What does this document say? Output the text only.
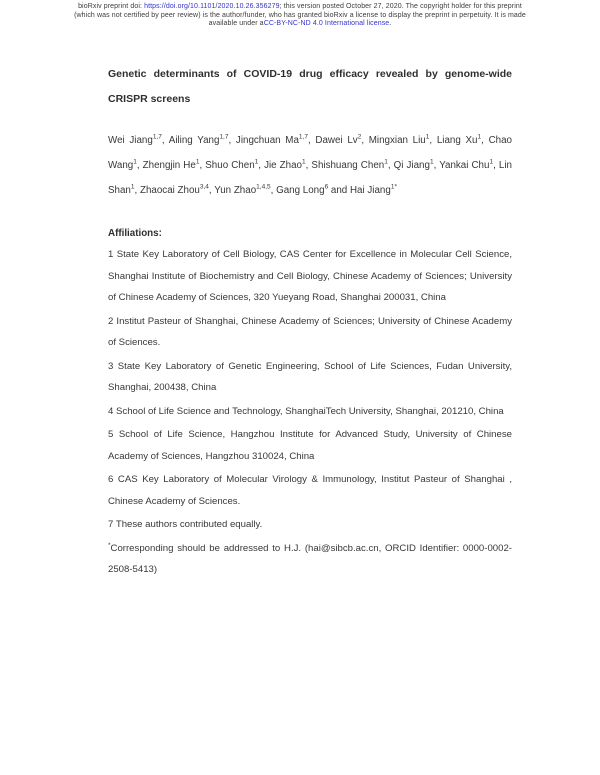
bioRxiv preprint doi: https://doi.org/10.1101/2020.10.26.356279; this version posted October 27, 2020. The copyright holder for this preprint
(which was not certified by peer review) is the author/funder, who has granted bioRxiv a license to display the preprint in perpetuity. It is made
available under aCC-BY-NC-ND 4.0 International license.
Genetic determinants of COVID-19 drug efficacy revealed by genome-wide CRISPR screens
Wei Jiang$^{1,7}$, Ailing Yang$^{1,7}$, Jingchuan Ma$^{1,7}$, Dawei Lv$^2$, Mingxian Liu$^1$, Liang Xu$^1$, Chao Wang$^1$, Zhengjin He$^1$, Shuo Chen$^1$, Jie Zhao$^1$, Shishuang Chen$^1$, Qi Jiang$^1$, Yankai Chu$^1$, Lin Shan$^1$, Zhaocai Zhou$^{3,4}$, Yun Zhao$^{1,4,5}$, Gang Long$^6$ and Hai Jiang$^{1*}$
Affiliations:

1 State Key Laboratory of Cell Biology, CAS Center for Excellence in Molecular Cell Science, Shanghai Institute of Biochemistry and Cell Biology, Chinese Academy of Sciences; University of Chinese Academy of Sciences, 320 Yueyang Road, Shanghai 200031, China

2 Institut Pasteur of Shanghai, Chinese Academy of Sciences; University of Chinese Academy of Sciences.

3 State Key Laboratory of Genetic Engineering, School of Life Sciences, Fudan University, Shanghai, 200438, China

4 School of Life Science and Technology, ShanghaiTech University, Shanghai, 201210, China

5 School of Life Science, Hangzhou Institute for Advanced Study, University of Chinese Academy of Sciences, Hangzhou 310024, China

6 CAS Key Laboratory of Molecular Virology & Immunology, Institut Pasteur of Shanghai , Chinese Academy of Sciences.

7 These authors contributed equally.

*Corresponding should be addressed to H.J. (hai@sibcb.ac.cn, ORCID Identifier: 0000-0002-2508-5413)
